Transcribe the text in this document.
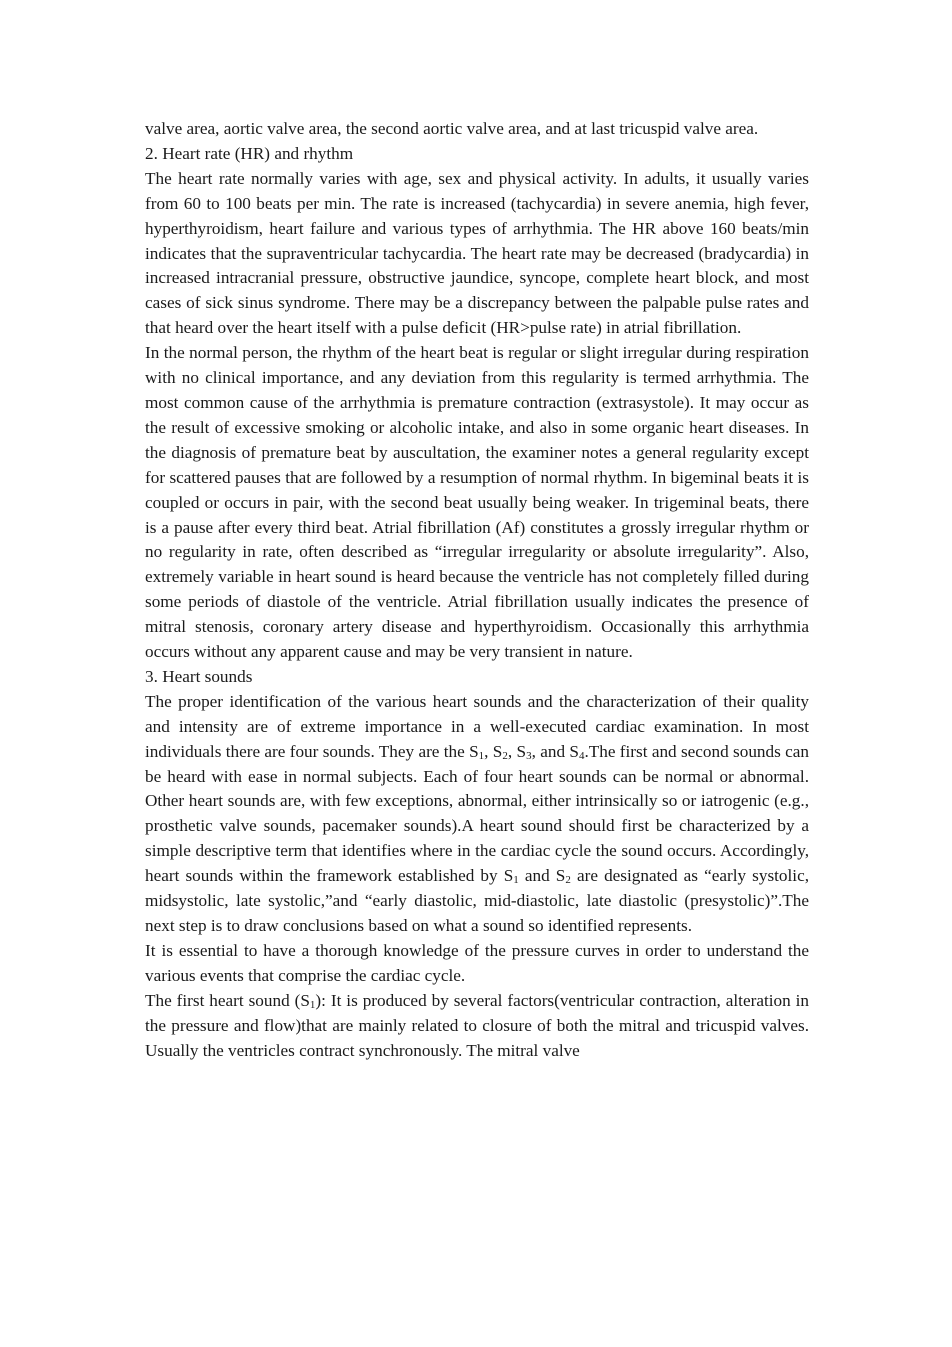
valve area, aortic valve area, the second aortic valve area, and at last tricuspid valve area.

2. Heart rate (HR) and rhythm

The heart rate normally varies with age, sex and physical activity. In adults, it usually varies from 60 to 100 beats per min. The rate is increased (tachycardia) in severe anemia, high fever, hyperthyroidism, heart failure and various types of arrhythmia. The HR above 160 beats/min indicates that the supraventricular tachycardia. The heart rate may be decreased (bradycardia) in increased intracranial pressure, obstructive jaundice, syncope, complete heart block, and most cases of sick sinus syndrome. There may be a discrepancy between the palpable pulse rates and that heard over the heart itself with a pulse deficit (HR>pulse rate) in atrial fibrillation.

In the normal person, the rhythm of the heart beat is regular or slight irregular during respiration with no clinical importance, and any deviation from this regularity is termed arrhythmia. The most common cause of the arrhythmia is premature contraction (extrasystole). It may occur as the result of excessive smoking or alcoholic intake, and also in some organic heart diseases. In the diagnosis of premature beat by auscultation, the examiner notes a general regularity except for scattered pauses that are followed by a resumption of normal rhythm. In bigeminal beats it is coupled or occurs in pair, with the second beat usually being weaker. In trigeminal beats, there is a pause after every third beat. Atrial fibrillation (Af) constitutes a grossly irregular rhythm or no regularity in rate, often described as “irregular irregularity or absolute irregularity”. Also, extremely variable in heart sound is heard because the ventricle has not completely filled during some periods of diastole of the ventricle. Atrial fibrillation usually indicates the presence of mitral stenosis, coronary artery disease and hyperthyroidism. Occasionally this arrhythmia occurs without any apparent cause and may be very transient in nature.

3. Heart sounds

The proper identification of the various heart sounds and the characterization of their quality and intensity are of extreme importance in a well-executed cardiac examination. In most individuals there are four sounds. They are the $S_1$, $S_2$, $S_3$, and $S_4.The$ first and second sounds can be heard with ease in normal subjects. Each of four heart sounds can be normal or abnormal. Other heart sounds are, with few exceptions, abnormal, either intrinsically so or iatrogenic (e.g., prosthetic valve sounds, pacemaker sounds).A heart sound should first be characterized by a simple descriptive term that identifies where in the cardiac cycle the sound occurs. Accordingly, heart sounds within the framework established by $S_1$ and $S_2$ are designated as “early systolic, midsystolic, late systolic,”and “early diastolic, mid-diastolic, late diastolic (presystolic)”.The next step is to draw conclusions based on what a sound so identified represents.

It is essential to have a thorough knowledge of the pressure curves in order to understand the various events that comprise the cardiac cycle.

The first heart sound $(S_1)$: It is produced by several factors(ventricular contraction, alteration in the pressure and flow)that are mainly related to closure of both the mitral and tricuspid valves. Usually the ventricles contract synchronously. The mitral valve
